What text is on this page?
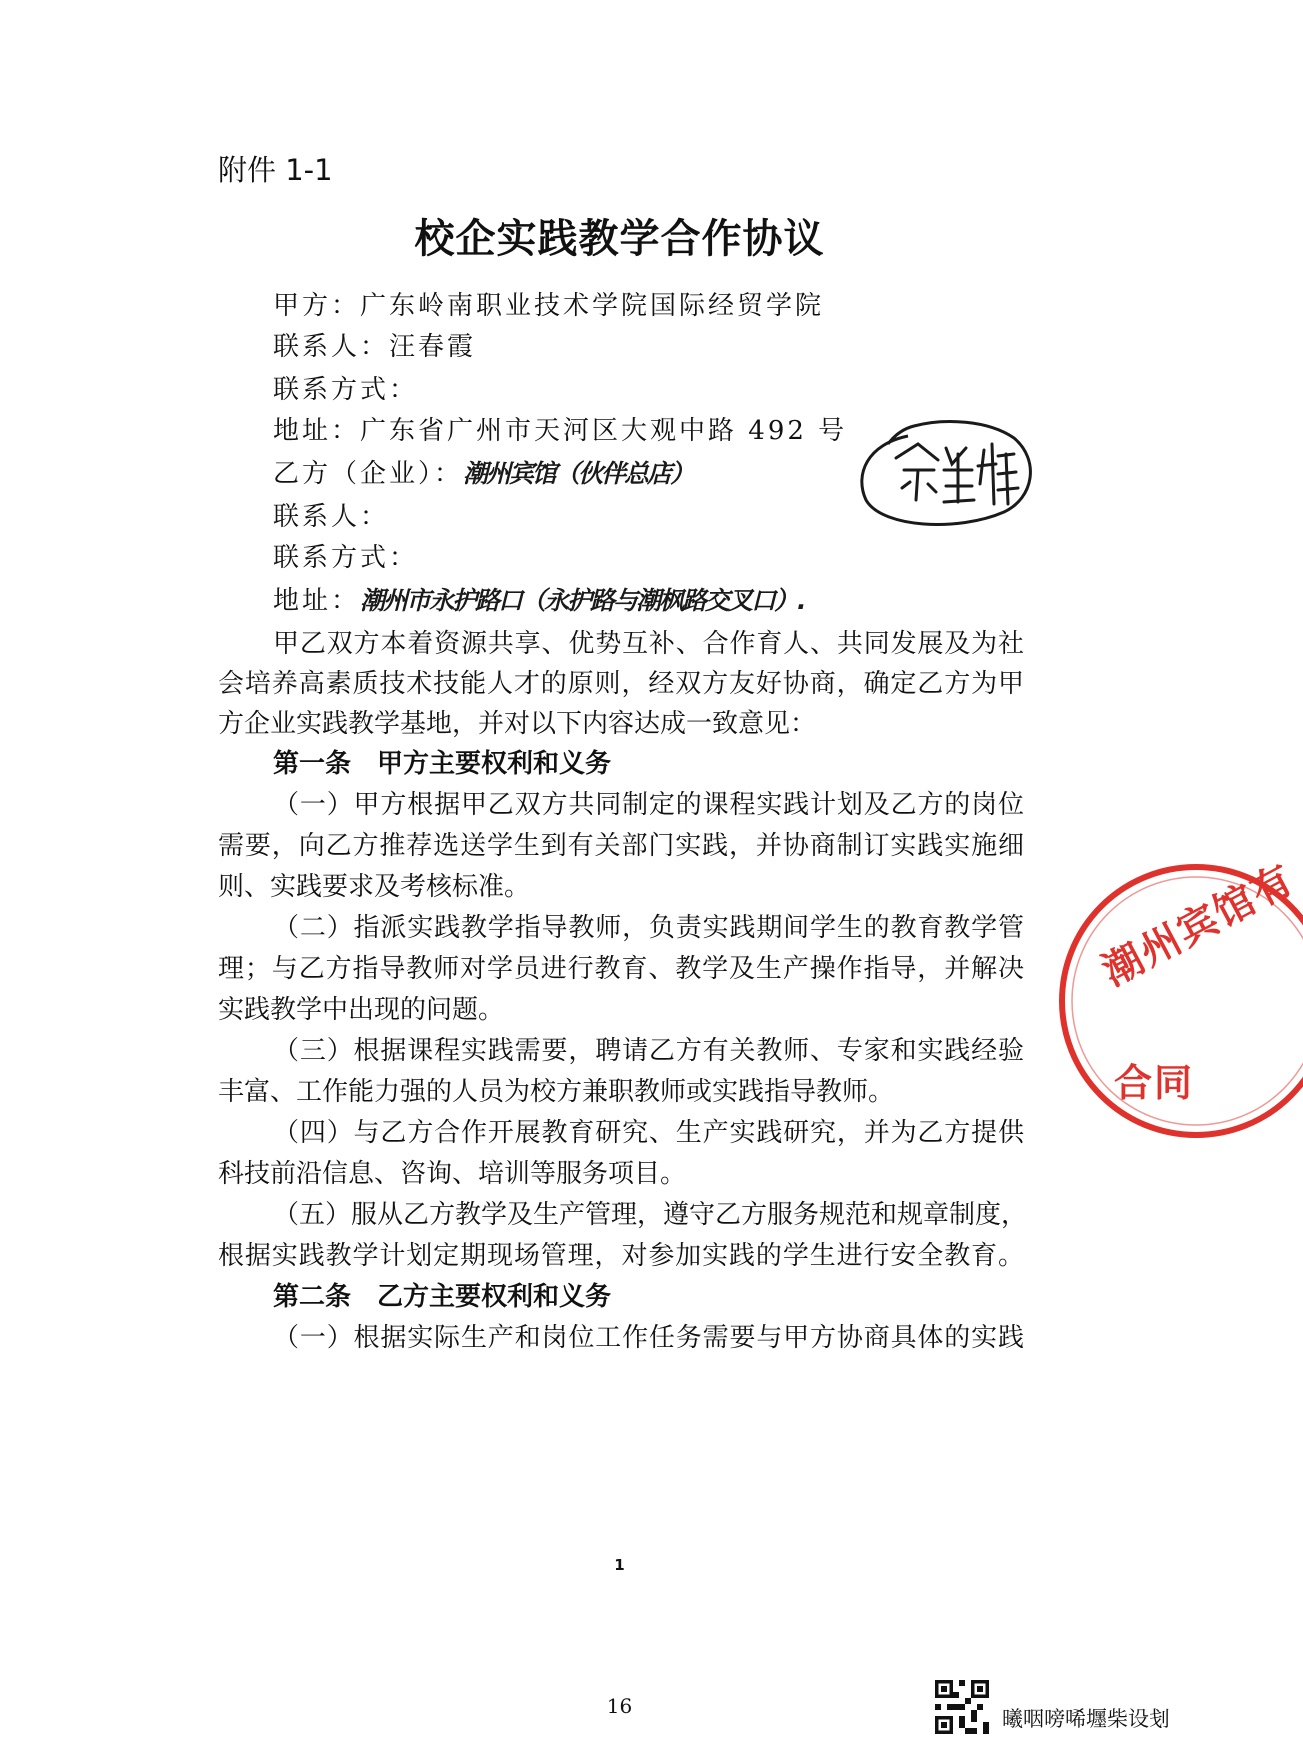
附件 1-1
校企实践教学合作协议
甲方：广东岭南职业技术学院国际经贸学院
联系人：汪春霞
联系方式：
地址：广东省广州市天河区大观中路 492 号
乙方（企业）：潮州宾馆（伙伴总店）
联系人：
联系方式：
地址：潮州市永护路口（永护路与潮枫路交叉口）.
甲乙双方本着资源共享、优势互补、合作育人、共同发展及为社
会培养高素质技术技能人才的原则，经双方友好协商，确定乙方为甲
方企业实践教学基地，并对以下内容达成一致意见：
第一条　甲方主要权利和义务
（一）甲方根据甲乙双方共同制定的课程实践计划及乙方的岗位
需要，向乙方推荐选送学生到有关部门实践，并协商制订实践实施细
则、实践要求及考核标准。
（二）指派实践教学指导教师，负责实践期间学生的教育教学管
理；与乙方指导教师对学员进行教育、教学及生产操作指导，并解决
实践教学中出现的问题。
（三）根据课程实践需要，聘请乙方有关教师、专家和实践经验
丰富、工作能力强的人员为校方兼职教师或实践指导教师。
（四）与乙方合作开展教育研究、生产实践研究，并为乙方提供
科技前沿信息、咨询、培训等服务项目。
（五）服从乙方教学及生产管理，遵守乙方服务规范和规章制度，
根据实践教学计划定期现场管理，对参加实践的学生进行安全教育。
第二条　乙方主要权利和义务
（一）根据实际生产和岗位工作任务需要与甲方协商具体的实践
潮州宾馆有
合同
1
16
曦咽嗙唏壥柴设刬
